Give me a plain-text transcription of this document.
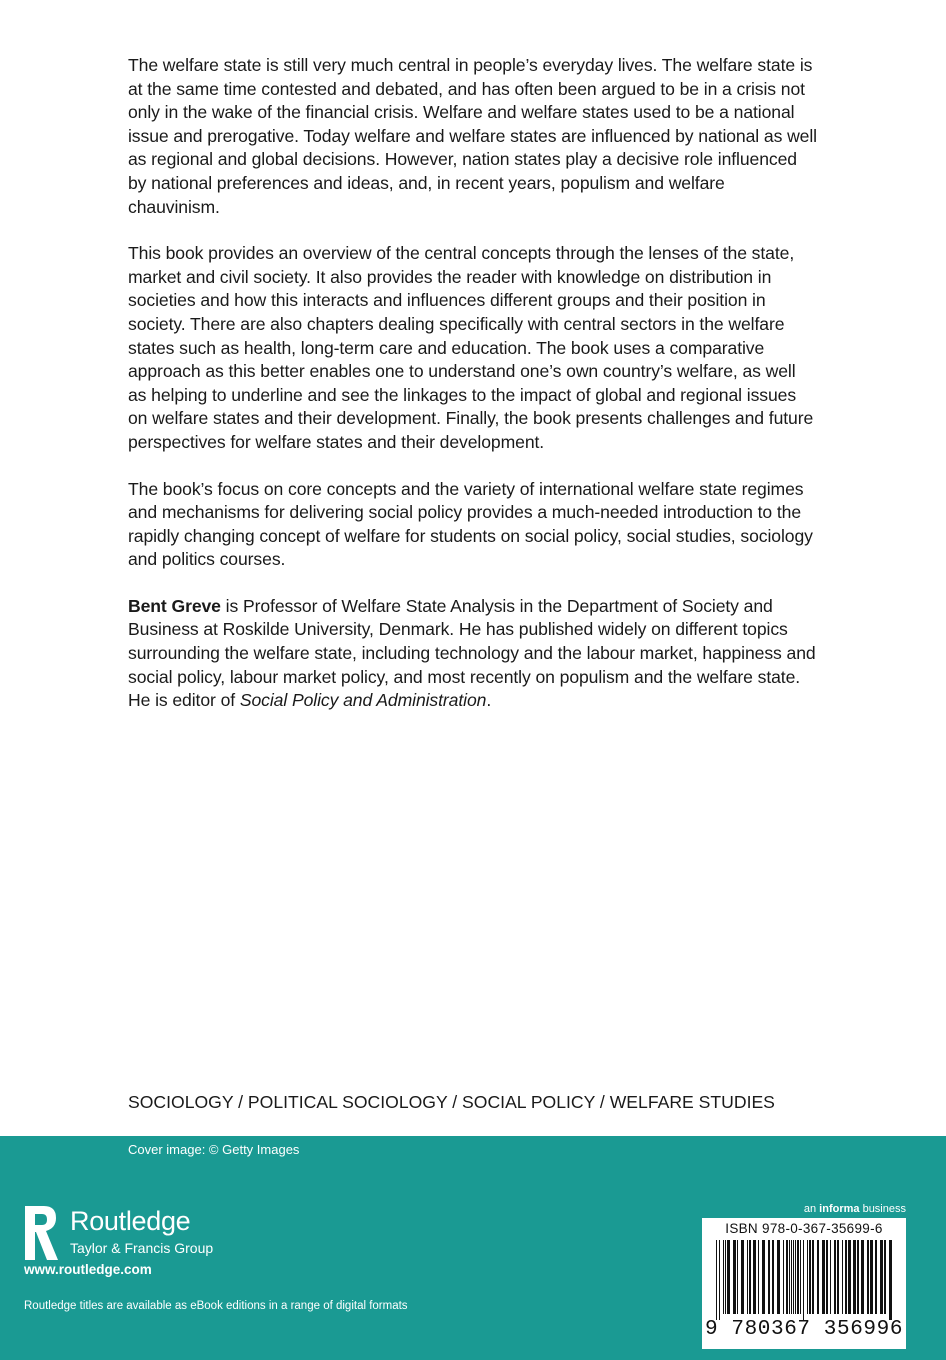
The welfare state is still very much central in people’s everyday lives. The welfare state is at the same time contested and debated, and has often been argued to be in a crisis not only in the wake of the financial crisis. Welfare and welfare states used to be a national issue and prerogative. Today welfare and welfare states are influenced by national as well as regional and global decisions. However, nation states play a decisive role influenced by national preferences and ideas, and, in recent years, populism and welfare chauvinism.

This book provides an overview of the central concepts through the lenses of the state, market and civil society. It also provides the reader with knowledge on distribution in societies and how this interacts and influences different groups and their position in society. There are also chapters dealing specifically with central sectors in the welfare states such as health, long-term care and education. The book uses a comparative approach as this better enables one to understand one’s own country’s welfare, as well as helping to underline and see the linkages to the impact of global and regional issues on welfare states and their development. Finally, the book presents challenges and future perspectives for welfare states and their development.

The book’s focus on core concepts and the variety of international welfare state regimes and mechanisms for delivering social policy provides a much-needed introduction to the rapidly changing concept of welfare for students on social policy, social studies, sociology and politics courses.

Bent Greve is Professor of Welfare State Analysis in the Department of Society and Business at Roskilde University, Denmark. He has published widely on different topics surrounding the welfare state, including technology and the labour market, happiness and social policy, labour market policy, and most recently on populism and the welfare state. He is editor of Social Policy and Administration.

SOCIOLOGY / POLITICAL SOCIOLOGY / SOCIAL POLICY / WELFARE STUDIES
Cover image: © Getty Images
Routledge
Taylor & Francis Group
www.routledge.com
Routledge titles are available as eBook editions in a range of digital formats
an informa business
ISBN 978-0-367-35699-6
9 780367 356996
